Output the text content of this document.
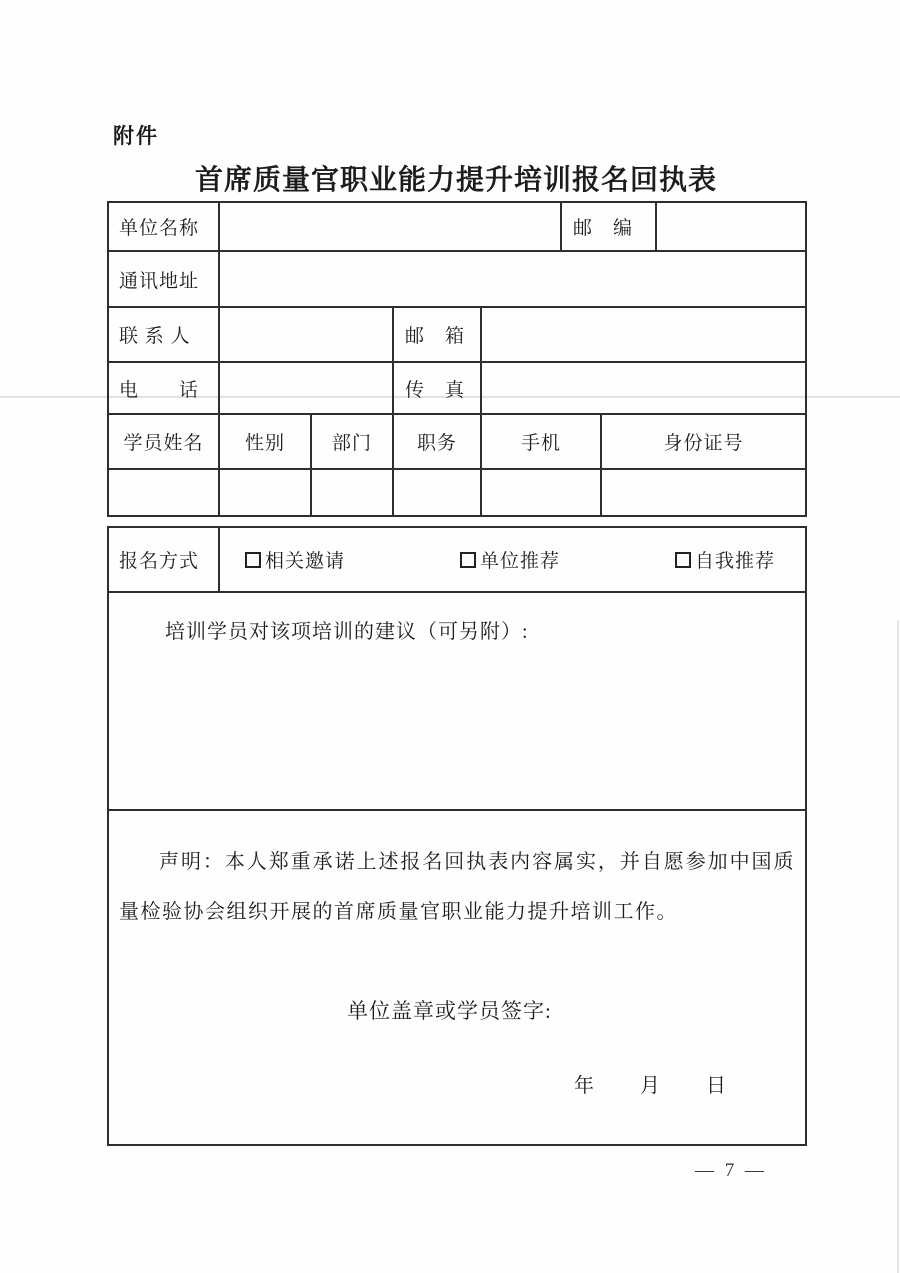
附件
首席质量官职业能力提升培训报名回执表
单位名称					邮　编		
通讯地址							
联 系 人			邮　箱				
电　　话			传　真				
学员姓名	性别	部门	职务	手机		身份证号	

报名方式	相关邀请	单位推荐	自我推荐

培训学员对该项培训的建议（可另附）:

声明：本人郑重承诺上述报名回执表内容属实，并自愿参加中国质量检验协会组织开展的首席质量官职业能力提升培训工作。
单位盖章或学员签字:
年　　月　　日
— 7 —
